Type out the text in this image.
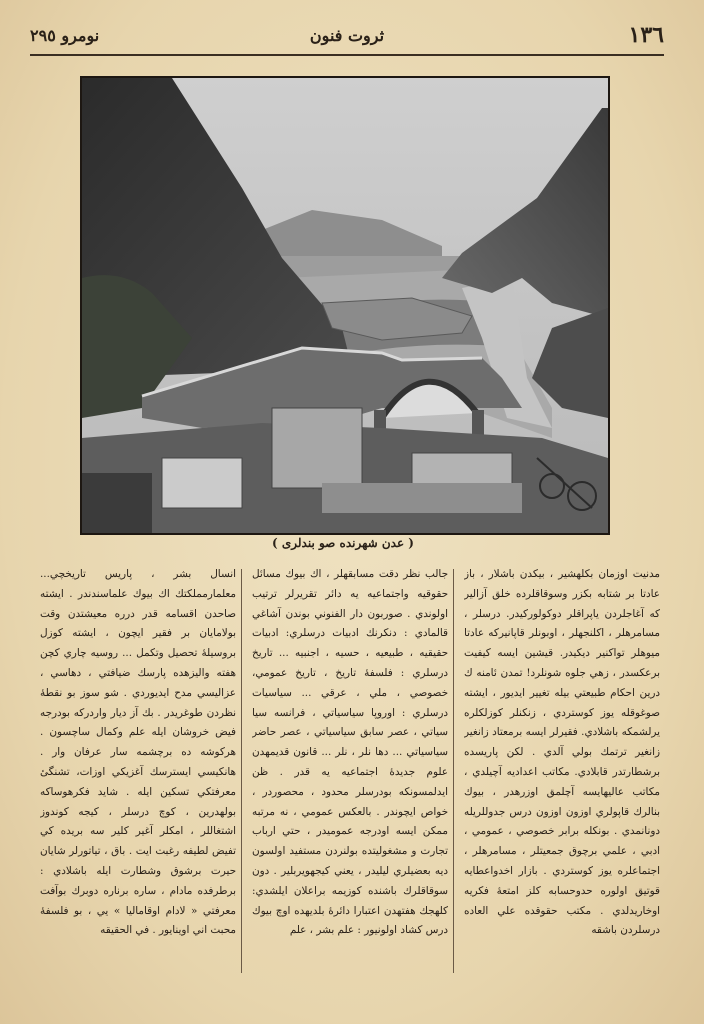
١٣٦
ثروت فنون
نومرو ٢٩٥
( عدن شهرنده صو بندلری )

مدنيت اوزمان بكلهشير ، بيكدن باشلار ، باز عادتا بر شتابه بكزر وسوقاقلرده خلق آزالير كه آغاجلردن ياپراقلر دوكولوركيدر. درسلر ، مسامرهلر ، اكلنجهلر ، اوبونلر قاپانيركه عادتا ميوهلر تواكنير ديكيدر. قيشين ايسه كيفيت برعكسدر ، زهي جلوه شونلرد! تمدن ئامنه ك درين احكام طبيعتي بيله تغيير ايديور ، ايشته صوغوقله يوز كوستردي ، زنكنلر كوزلكلره يرلشمكه باشلادي. فقيرلر ايسه برمعتاد زانغير زانغير ترتمك بولي آلدي . لكن پاريسده برشطارتدر قابلادي. مكاتب اعداديه آچيلدي ، مكاتب عاليهايسه آچلمق اوزرهدر ، بيوك بنالرك قاپولري اوزون اوزون درس جدوللريله دونانمدي . بونكله برابر خصوصي ، عمومي ، ادبي ، علمي برچوق جمعيتلر ، مسامرهلر ، اجتماعلره يوز كوستردي . بازار اخدواعطايه قوتيق اولوره حدوحسابه كلز امتعهٔ فكريه اوخاريدلدي . مكتب حقوقده علي العاده درسلردن باشقه

جالب نظر دقت مسابقهلر ، اك بيوك مسائل حقوقيه واجتماعيه يه دائر تقريرلر ترتيب اولوندي . صوربون دار الفنوني بوندن آشاغي قالمادي : دنكرنك ادبيات درسلري: ادبيات حقيقيه ، طبيعيه ، حسيه ، اجنبيه ... تاريخ درسلري : فلسفهٔ تاريخ ، تاريخ عمومي، خصوصي ، ملي ، عرقي ... سياسيات درسلري : اوروپا سياسياتي ، فرانسه سيا سياتي ، عصر سابق سياسياتي ، عصر حاضر سياسياتي ... دها نلر ، نلر ... قانون قديمهدن علوم جديدهٔ اجتماعيه يه قدر . ظن ايدلمسونكه بودرسلر محدود ، محصوردر ، خواص ايچوندر . بالعكس عمومي ، نه مرتبه ممكن ايسه اودرجه عموميدر ، حتي ارباب تجارت و مشغوليتده بولنردن مستفيد اولسون ديه بعضيلري ليليدر ، يعني كيجهويربلير . دون سوقاقلرك باشنده كوزيمه براعلان ايلشدي: كلهجك هفتهدن اعتبارا دائرهٔ بلديهده اوچ بيوك درس كشاد اولونيور : علم بشر ، علم

انسال بشر ، پاريس تاريخچي... معلمارمملكتك اك بيوك علماسندندر . ايشته صاحدن اقسامه قدر درره معيشتدن وقت بولامايان بر فقير ايچون ، ايشته كوزل بروسيلهٔ تحصيل وتكمل ... روسيه چاري كچن هفته واليزهده پارسك ضيافتي ، دهاسي ، عزاليسي مدح ايديوردي . شو سوز بو نقطهٔ نظردن طوغريدر . بك آز ديار واردركه بودرجه فيض خروشان ايله علم وكمال ساچسون . هركوشه ده برچشمه سار عرفان وار . هانكيسي ايسترسك آغزيكي اوزات، تشنگئ معرفتكي تسكين ايله . شايد فكرهوساكه بولهدرين ، كوچ درسلر ، كيجه كوندوز اشتغاللر ، امكلر آغير كلير سه بريده كي تفيض لطيفه رغبت ايت . باق ، تياتورلر شايان حيرت برشوق وشطارت ايله باشلادي : برطرفده مادام ، ساره برناره دوبرك بوآفت معرفتي « لادام اوقاماليا » يي ، بو فلسفهٔ محبت اني اوينايور . في الحقيقه
